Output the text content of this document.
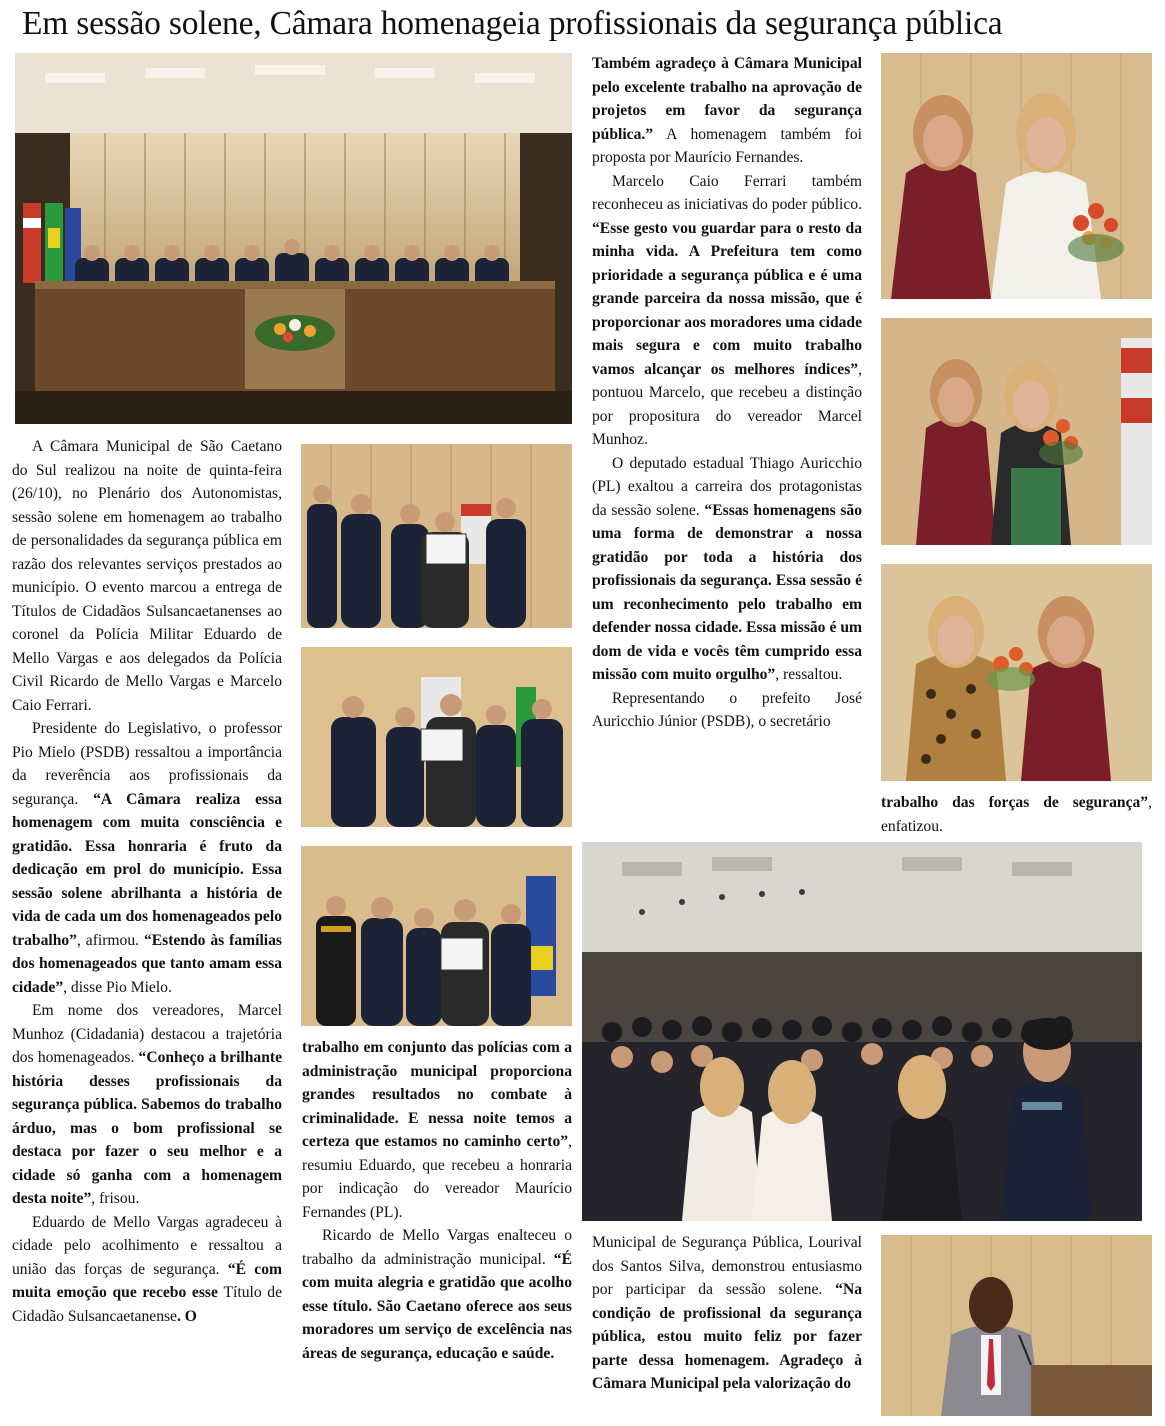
Em sessão solene, Câmara homenageia profissionais da segurança pública

A Câmara Municipal de São Caetano do Sul realizou na noite de quinta-feira (26/10), no Plenário dos Autonomistas, sessão solene em homenagem ao trabalho de personalidades da segurança pública em razão dos relevantes serviços prestados ao município. O evento marcou a entrega de Títulos de Cidadãos Sulsancaetanenses ao coronel da Polícia Militar Eduardo de Mello Vargas e aos delegados da Polícia Civil Ricardo de Mello Vargas e Marcelo Caio Ferrari.

Presidente do Legislativo, o professor Pio Mielo (PSDB) ressaltou a importância da reverência aos profissionais da segurança. “A Câmara realiza essa homenagem com muita consciência e gratidão. Essa honraria é fruto da dedicação em prol do município. Essa sessão solene abrilhanta a história de vida de cada um dos homenageados pelo trabalho”, afirmou. “Estendo às famílias dos homenageados que tanto amam essa cidade”, disse Pio Mielo.

Em nome dos vereadores, Marcel Munhoz (Cidadania) destacou a trajetória dos homenageados. “Conheço a brilhante história desses profissionais da segurança pública. Sabemos do trabalho árduo, mas o bom profissional se destaca por fazer o seu melhor e a cidade só ganha com a homenagem desta noite”, frisou.

Eduardo de Mello Vargas agradeceu à cidade pelo acolhimento e ressaltou a união das forças de segurança. “É com muita emoção que recebo esse Título de Cidadão Sulsancaetanense. O

trabalho em conjunto das polícias com a administração municipal proporciona grandes resultados no combate à criminalidade. E nessa noite temos a certeza que estamos no caminho certo”, resumiu Eduardo, que recebeu a honraria por indicação do vereador Maurício Fernandes (PL).

Ricardo de Mello Vargas enalteceu o trabalho da administração municipal. “É com muita alegria e gratidão que acolho esse título. São Caetano oferece aos seus moradores um serviço de excelência nas áreas de segurança, educação e saúde.

Também agradeço à Câmara Municipal pelo excelente trabalho na aprovação de projetos em favor da segurança pública.” A homenagem também foi proposta por Maurício Fernandes.

Marcelo Caio Ferrari também reconheceu as iniciativas do poder público. “Esse gesto vou guardar para o resto da minha vida. A Prefeitura tem como prioridade a segurança pública e é uma grande parceira da nossa missão, que é proporcionar aos moradores uma cidade mais segura e com muito trabalho vamos alcançar os melhores índices”, pontuou Marcelo, que recebeu a distinção por propositura do vereador Marcel Munhoz.

O deputado estadual Thiago Auricchio (PL) exaltou a carreira dos protagonistas da sessão solene. “Essas homenagens são uma forma de demonstrar a nossa gratidão por toda a história dos profissionais da segurança. Essa sessão é um reconhecimento pelo trabalho em defender nossa cidade. Essa missão é um dom de vida e vocês têm cumprido essa missão com muito orgulho”, ressaltou.

Representando o prefeito José Auricchio Júnior (PSDB), o secretário

Municipal de Segurança Pública, Lourival dos Santos Silva, demonstrou entusiasmo por participar da sessão solene. “Na condição de profissional da segurança pública, estou muito feliz por fazer parte dessa homenagem. Agradeço à Câmara Municipal pela valorização do

trabalho das forças de segurança”, enfatizou.
